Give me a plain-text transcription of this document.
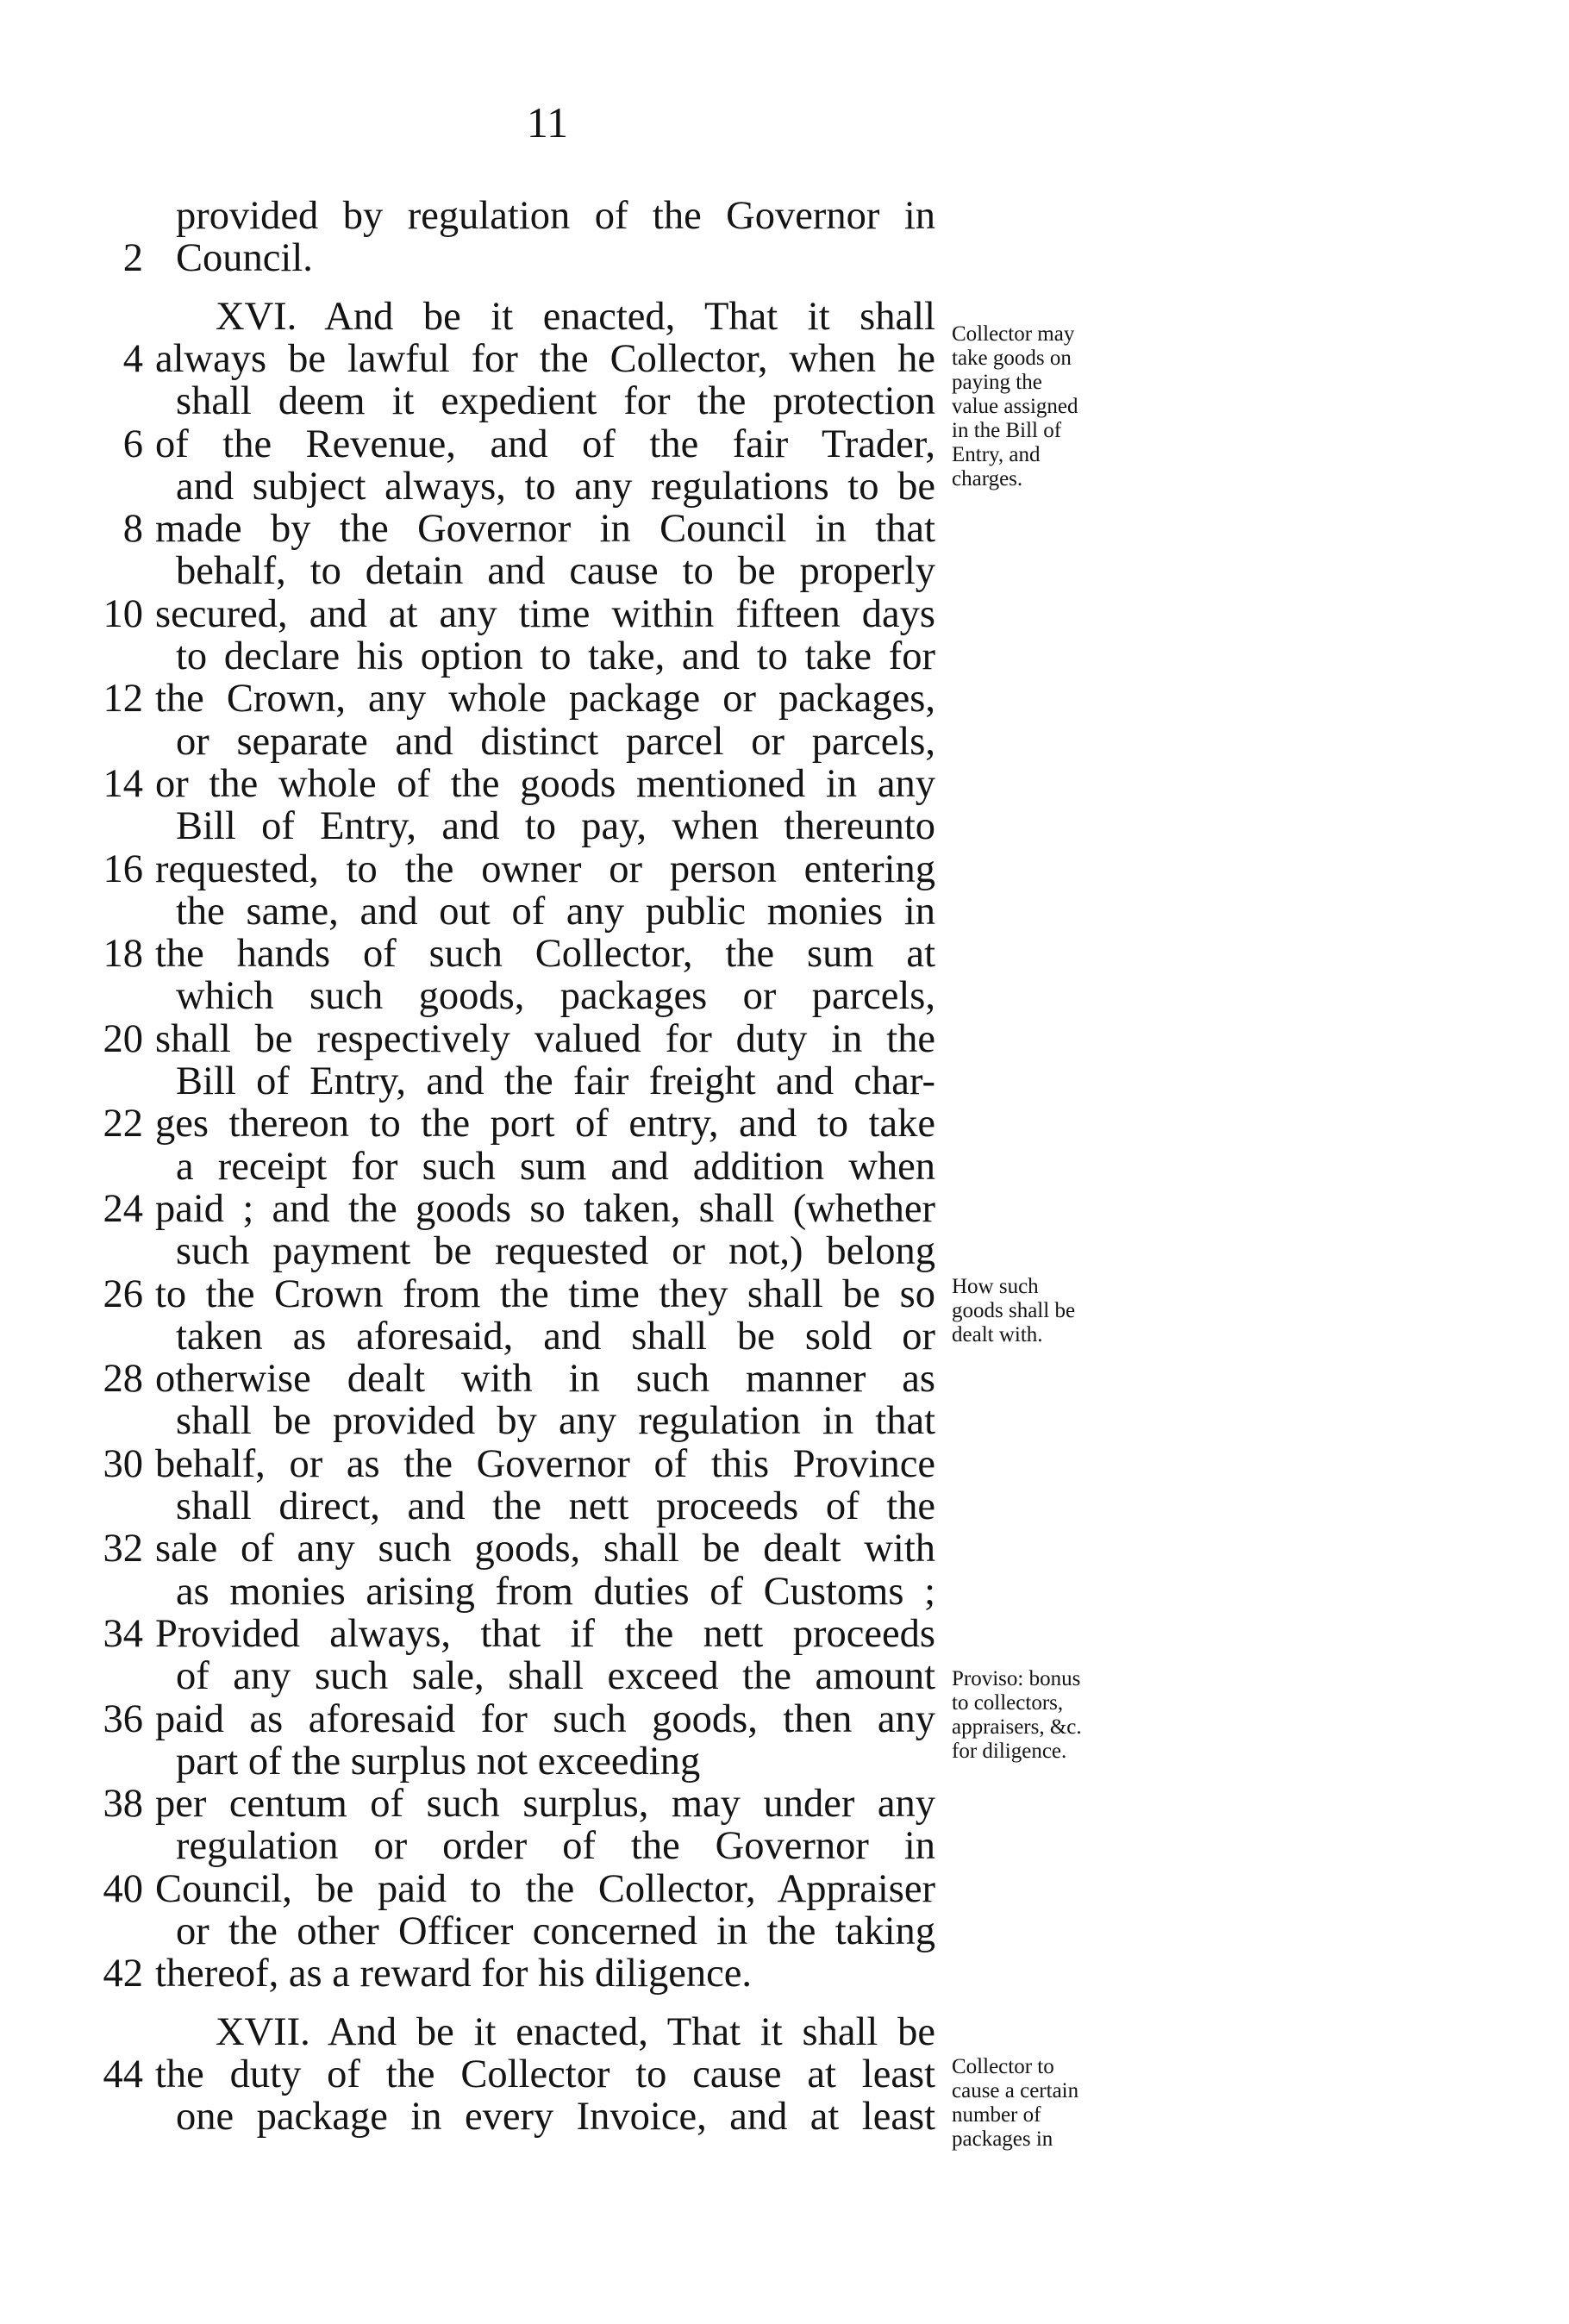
11
provided by regulation of the Governor in
Council.
2
XVI. And be it enacted, That it shall
always be lawful for the Collector, when he
4
shall deem it expedient for the protection
of the Revenue, and of the fair Trader,
6
and subject always, to any regulations to be
made by the Governor in Council in that
8
behalf, to detain and cause to be properly
secured, and at any time within fifteen days
10
to declare his option to take, and to take for
the Crown, any whole package or packages,
12
or separate and distinct parcel or parcels,
or the whole of the goods mentioned in any
14
Bill of Entry, and to pay, when thereunto
requested, to the owner or person entering
16
the same, and out of any public monies in
the hands of such Collector, the sum at
18
which such goods, packages or parcels,
shall be respectively valued for duty in the
20
Bill of Entry, and the fair freight and char-
ges thereon to the port of entry, and to take
22
a receipt for such sum and addition when
paid ; and the goods so taken, shall (whether
24
such payment be requested or not,) belong
to the Crown from the time they shall be so
26
taken as aforesaid, and shall be sold or
otherwise dealt with in such manner as
28
shall be provided by any regulation in that
behalf, or as the Governor of this Province
30
shall direct, and the nett proceeds of the
sale of any such goods, shall be dealt with
32
as monies arising from duties of Customs ;
Provided always, that if the nett proceeds
34
of any such sale, shall exceed the amount
paid as aforesaid for such goods, then any
36
part of the surplus not exceeding
per centum of such surplus, may under any
38
regulation or order of the Governor in
Council, be paid to the Collector, Appraiser
40
or the other Officer concerned in the taking
thereof, as a reward for his diligence.
42
XVII. And be it enacted, That it shall be
the duty of the Collector to cause at least
44
one package in every Invoice, and at least
Collector may
take goods on
paying the
value assigned
in the Bill of
Entry, and
charges.
How such
goods shall be
dealt with.
Proviso: bonus
to collectors,
appraisers, &c.
for diligence.
Collector to
cause a certain
number of
packages in
